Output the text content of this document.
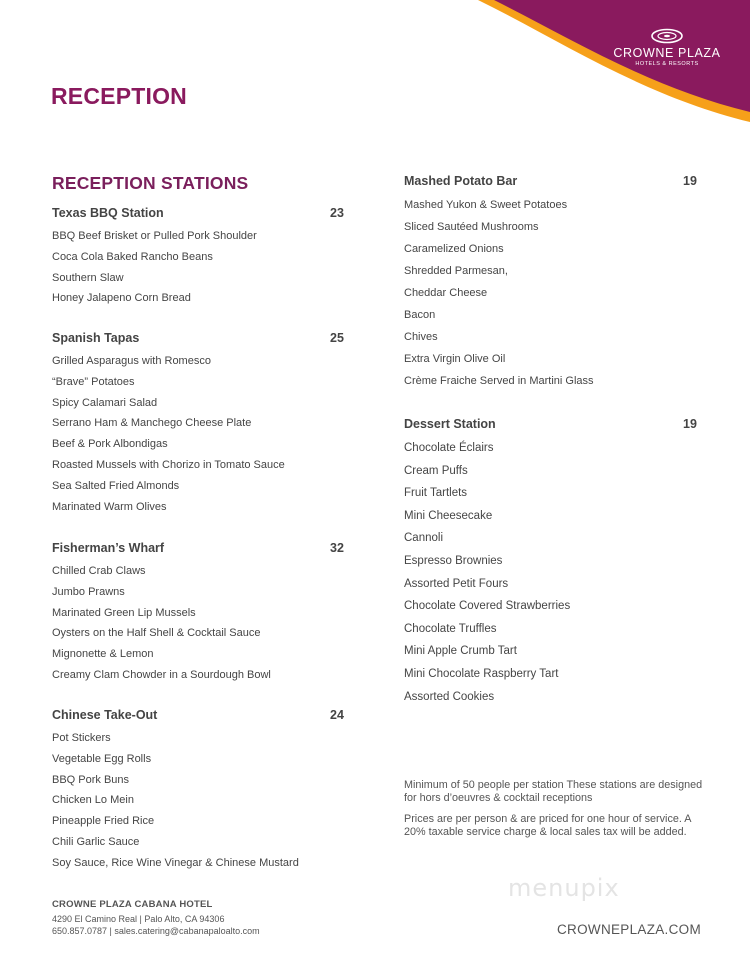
CROWNE PLAZA
HOTELS & RESORTS
RECEPTION
RECEPTION STATIONS
Texas BBQ Station	23
BBQ Beef Brisket or Pulled Pork Shoulder
Coca Cola Baked Rancho Beans
Southern Slaw
Honey Jalapeno Corn Bread
Spanish Tapas	25
Grilled Asparagus with Romesco
“Brave” Potatoes
Spicy Calamari Salad
Serrano Ham & Manchego Cheese Plate
Beef & Pork Albondigas
Roasted Mussels with Chorizo in Tomato Sauce
Sea Salted Fried Almonds
Marinated Warm Olives
Fisherman’s Wharf	32
Chilled Crab Claws
Jumbo Prawns
Marinated Green Lip Mussels
Oysters on the Half Shell & Cocktail Sauce
Mignonette & Lemon
Creamy Clam Chowder in a Sourdough Bowl
Chinese Take-Out	24
Pot Stickers
Vegetable Egg Rolls
BBQ Pork Buns
Chicken Lo Mein
Pineapple Fried Rice
Chili Garlic Sauce
Soy Sauce, Rice Wine Vinegar & Chinese Mustard
Mashed Potato Bar	19
Mashed Yukon & Sweet Potatoes
Sliced Sautéed Mushrooms
Caramelized Onions
Shredded Parmesan,
Cheddar Cheese
Bacon
Chives
Extra Virgin Olive Oil
Crème Fraiche Served in Martini Glass
Dessert Station	19
Chocolate Éclairs
Cream Puffs
Fruit Tartlets
Mini Cheesecake
Cannoli
Espresso Brownies
Assorted Petit Fours
Chocolate Covered Strawberries
Chocolate Truffles
Mini Apple Crumb Tart
Mini Chocolate Raspberry Tart
Assorted Cookies

Minimum of 50 people per station These stations are designed for hors d’oeuvres & cocktail receptions

Prices are per person & are priced for one hour of service. A 20% taxable service charge & local sales tax will be added.

CROWNE PLAZA CABANA HOTEL
4290 El Camino Real | Palo Alto, CA 94306
650.857.0787 | sales.catering@cabanapaloalto.com
menupix
CROWNEPLAZA.COM
